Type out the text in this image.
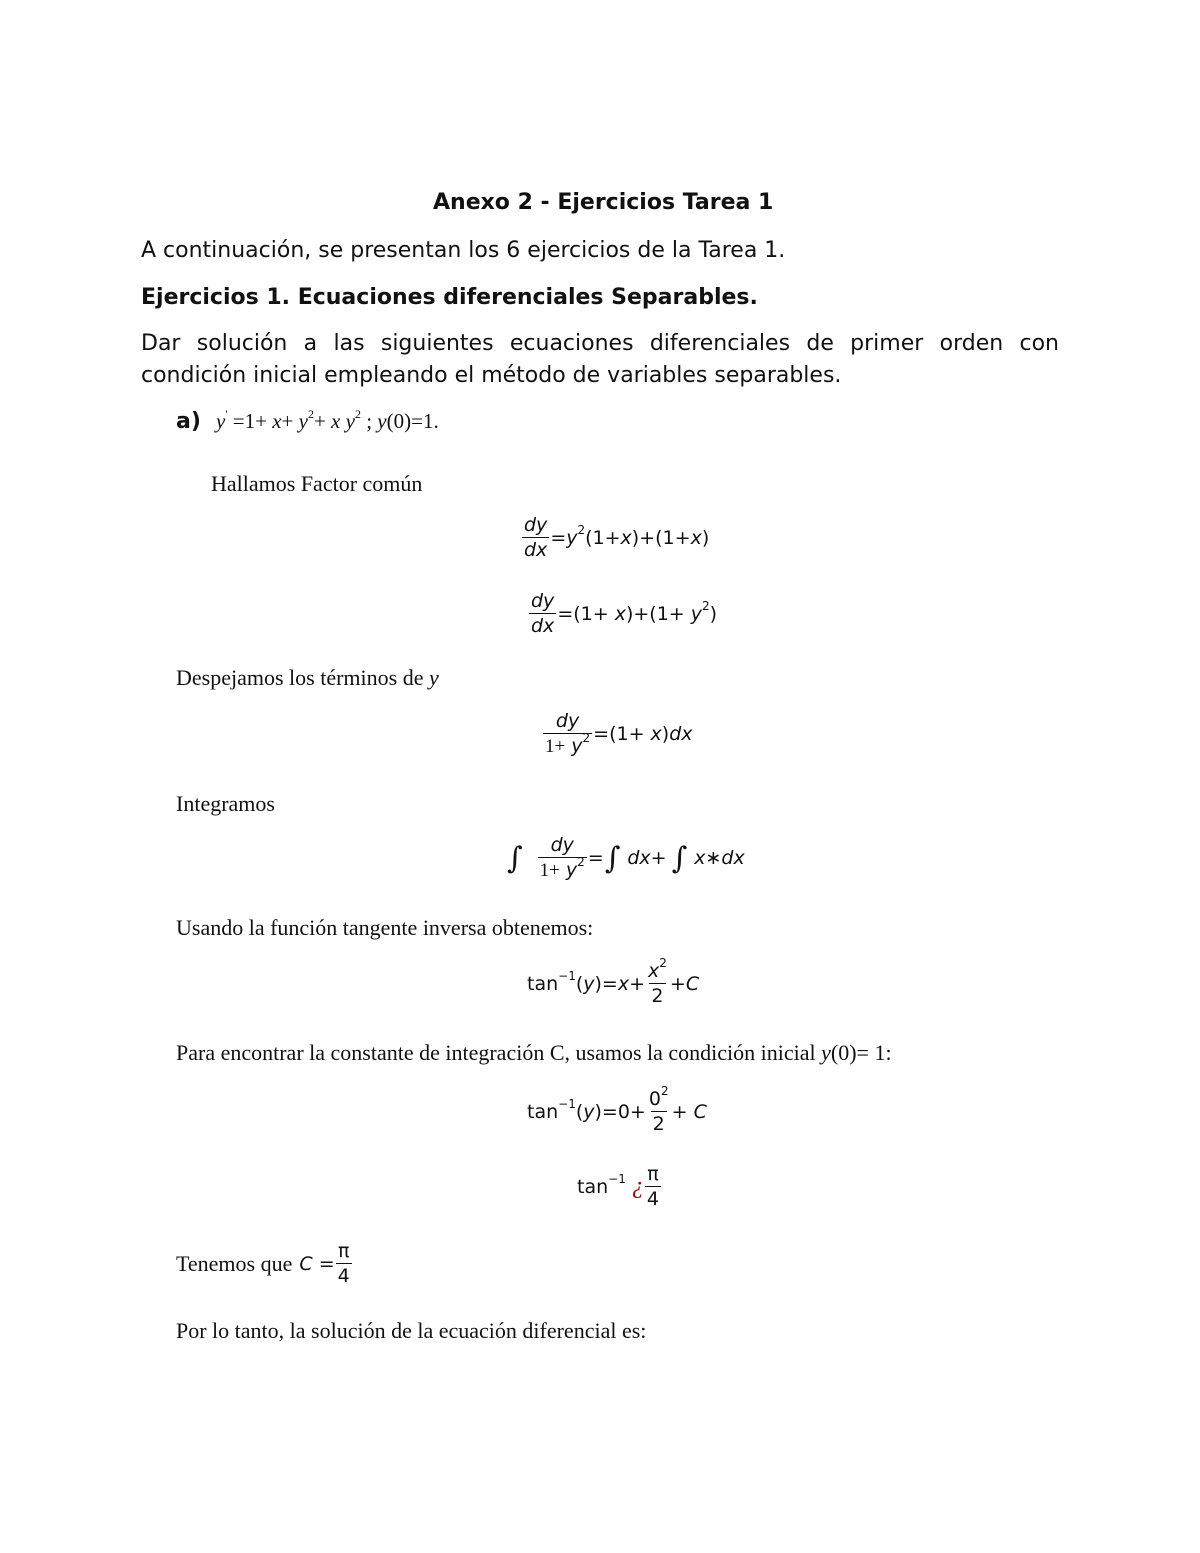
Anexo 2 - Ejercicios Tarea 1
A continuación, se presentan los 6 ejercicios de la Tarea 1.
Ejercicios 1. Ecuaciones diferenciales Separables.
Dar solución a las siguientes ecuaciones diferenciales de primer orden con
condición inicial empleando el método de variables separables.
a) $y' =1+ x+ y^2+ x$ $y^2$ ; y(0)=1.
Hallamos Factor común
$\frac{dy}{dx} =y^2(1+x)+(1+x)$
$\frac{dy}{dx} =(1+ x)+(1+ y^2)$
Despejamos los términos de y
$\frac{dy}{1+ y^2} =(1+ x)dx$
Integramos
∫ $\frac{dy}{1+ y^2}$ = ∫ dx+ ∫ x∗dx
Usando la función tangente inversa obtenemos:
$\tan^{-1}(y)=x+ \frac{x^2}{2} +C$
Para encontrar la constante de integración C, usamos la condición inicial y(0)= 1:
$\tan^{-1}(y)=0+ \frac{0^2}{2} + C$
$\tan^{-1}$ ¿ $\frac{\pi}{4}$
Tenemos que $C = \frac{\pi}{4}$
Por lo tanto, la solución de la ecuación diferencial es:
